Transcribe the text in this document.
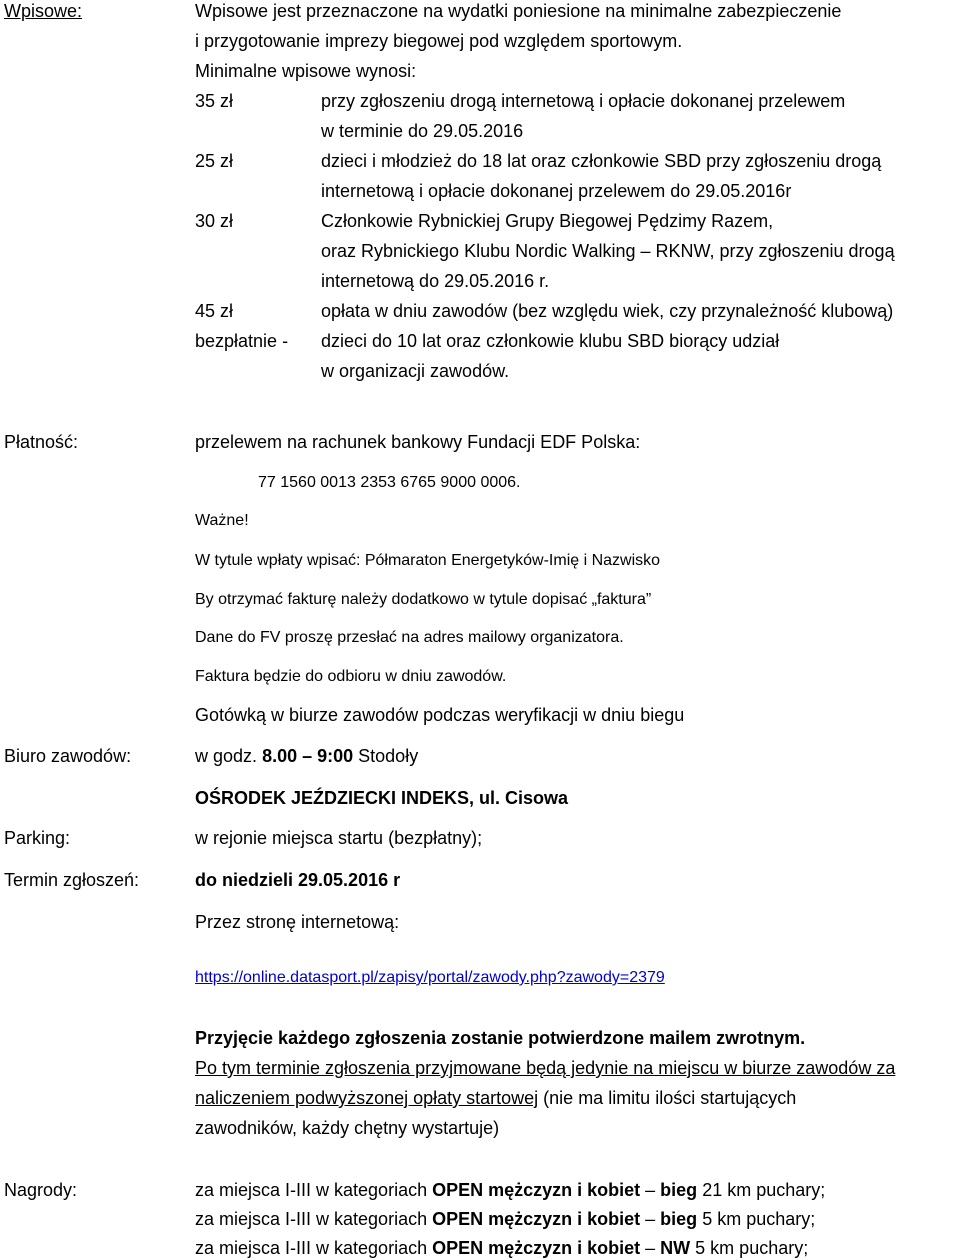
Wpisowe:	Wpisowe jest przeznaczone na wydatki poniesione na minimalne zabezpieczenie
i przygotowanie imprezy biegowej pod względem sportowym.
Minimalne wpisowe wynosi:
35 zł	przy zgłoszeniu drogą internetową i opłacie dokonanej przelewem
w terminie do 29.05.2016
25 zł	dzieci i młodzież do 18 lat oraz członkowie SBD przy zgłoszeniu drogą
internetową i opłacie dokonanej przelewem do 29.05.2016r
30 zł	Członkowie Rybnickiej Grupy Biegowej Pędzimy Razem,
oraz Rybnickiego Klubu Nordic Walking – RKNW, przy zgłoszeniu drogą
internetową do 29.05.2016 r.
45 zł	opłata w dniu zawodów (bez względu wiek, czy przynależność klubową)
bezpłatnie - dzieci do 10 lat oraz członkowie klubu SBD biorący udział
w organizacji zawodów.
Płatność:	przelewem na rachunek bankowy Fundacji EDF Polska:
77 1560 0013 2353 6765 9000 0006.
Ważne!
W tytule wpłaty wpisać: Półmaraton Energetyków-Imię i Nazwisko
By otrzymać fakturę należy dodatkowo w tytule dopisać „faktura”
Dane do FV proszę przesłać na adres mailowy organizatora.
Faktura będzie do odbioru w dniu zawodów.
Gotówką w biurze zawodów podczas weryfikacji w dniu biegu
Biuro zawodów:	w godz. 8.00 – 9:00 Stodoły
OŚRODEK JEŹDZIECKI INDEKS, ul. Cisowa
Parking:	w rejonie miejsca startu (bezpłatny);
Termin zgłoszeń:	do niedzieli 29.05.2016 r
Przez stronę internetową:
https://online.datasport.pl/zapisy/portal/zawody.php?zawody=2379
Przyjęcie każdego zgłoszenia zostanie potwierdzone mailem zwrotnym.
Po tym terminie zgłoszenia przyjmowane będą jedynie na miejscu w biurze zawodów za
naliczeniem podwyższonej opłaty startowej (nie ma limitu ilości startujących
zawodników, każdy chętny wystartuje)
Nagrody:	za miejsca I-III w kategoriach OPEN mężczyzn i kobiet – bieg 21 km puchary;
za miejsca I-III w kategoriach OPEN mężczyzn i kobiet – bieg 5 km puchary;
za miejsca I-III w kategoriach OPEN mężczyzn i kobiet – NW 5 km puchary;
